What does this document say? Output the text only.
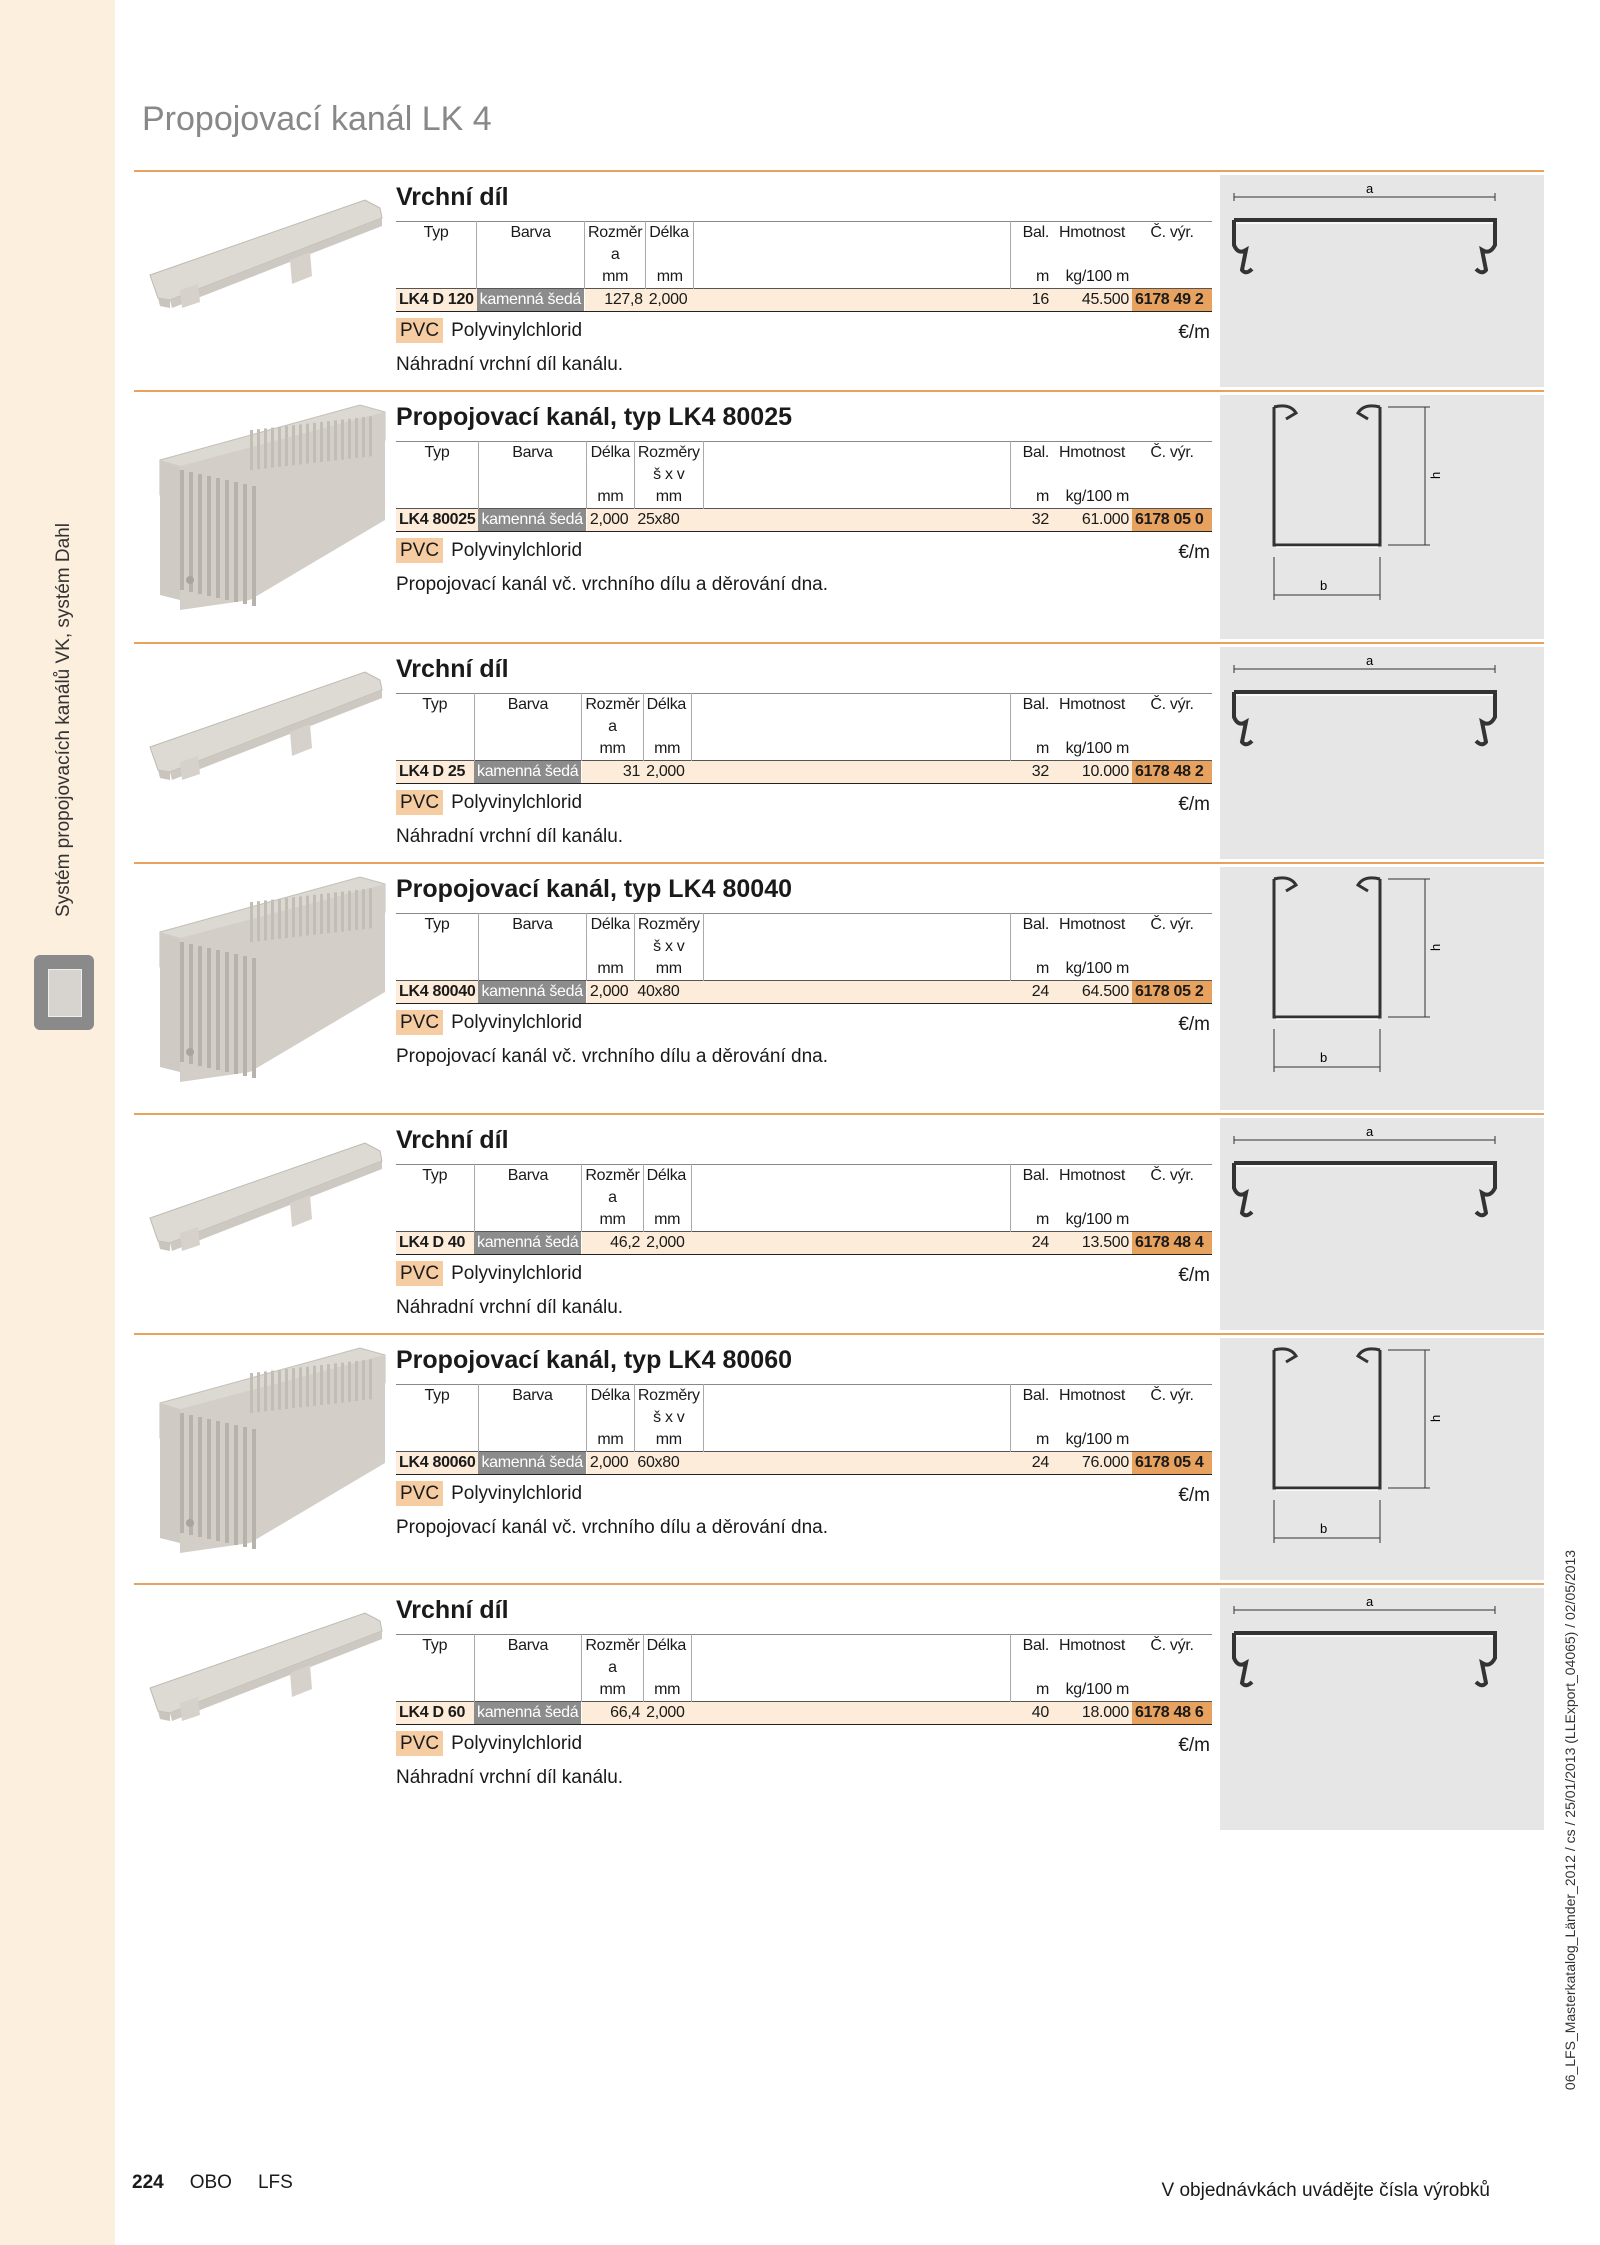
Systém propojovacích kanálů VK, systém Dahl
Propojovací kanál LK 4
06_LFS_Masterkatalog_Länder_2012 / cs / 25/01/2013 (LLExport_04065) / 02/05/2013
Vrchní díl
Typ	Barva	Rozměr	Délka		Bal.	Hmotnost	Č. výr.
		a					
		mm	mm		m	kg/100 m	
LK4 D 120	kamenná šedá	127,8	2,000		16	45.500	6178 49 2
PVC Polyvinylchlorid	€/m
Náhradní vrchní díl kanálu.
a
Propojovací kanál, typ LK4 80025
Typ	Barva	Délka	Rozměry		Bal.	Hmotnost	Č. výr.
			š x v				
		mm	mm		m	kg/100 m	
LK4 80025	kamenná šedá	2,000	25x80		32	61.000	6178 05 0
PVC Polyvinylchlorid	€/m
Propojovací kanál vč. vrchního dílu a děrování dna.	b
h
Vrchní díl
Typ	Barva	Rozměr	Délka		Bal.	Hmotnost	Č. výr.
		a					
		mm	mm		m	kg/100 m	
LK4 D 25	kamenná šedá	31	2,000		32	10.000	6178 48 2
PVC Polyvinylchlorid	€/m
Náhradní vrchní díl kanálu.
a
Propojovací kanál, typ LK4 80040
Typ	Barva	Délka	Rozměry		Bal.	Hmotnost	Č. výr.
			š x v				
		mm	mm		m	kg/100 m	
LK4 80040	kamenná šedá	2,000	40x80		24	64.500	6178 05 2
PVC Polyvinylchlorid	€/m
Propojovací kanál vč. vrchního dílu a děrování dna.	b
h
Vrchní díl
Typ	Barva	Rozměr	Délka		Bal.	Hmotnost	Č. výr.
		a					
		mm	mm		m	kg/100 m	
LK4 D 40	kamenná šedá	46,2	2,000		24	13.500	6178 48 4
PVC Polyvinylchlorid	€/m
Náhradní vrchní díl kanálu.
a
Propojovací kanál, typ LK4 80060
Typ	Barva	Délka	Rozměry		Bal.	Hmotnost	Č. výr.
			š x v				
		mm	mm		m	kg/100 m	
LK4 80060	kamenná šedá	2,000	60x80		24	76.000	6178 05 4
PVC Polyvinylchlorid	€/m
Propojovací kanál vč. vrchního dílu a děrování dna.	b
h
Vrchní díl
Typ	Barva	Rozměr	Délka		Bal.	Hmotnost	Č. výr.
		a					
		mm	mm		m	kg/100 m	
LK4 D 60	kamenná šedá	66,4	2,000		40	18.000	6178 48 6
PVC Polyvinylchlorid	€/m
Náhradní vrchní díl kanálu.
a
224 OBO LFS	V objednávkách uvádějte čísla výrobků
